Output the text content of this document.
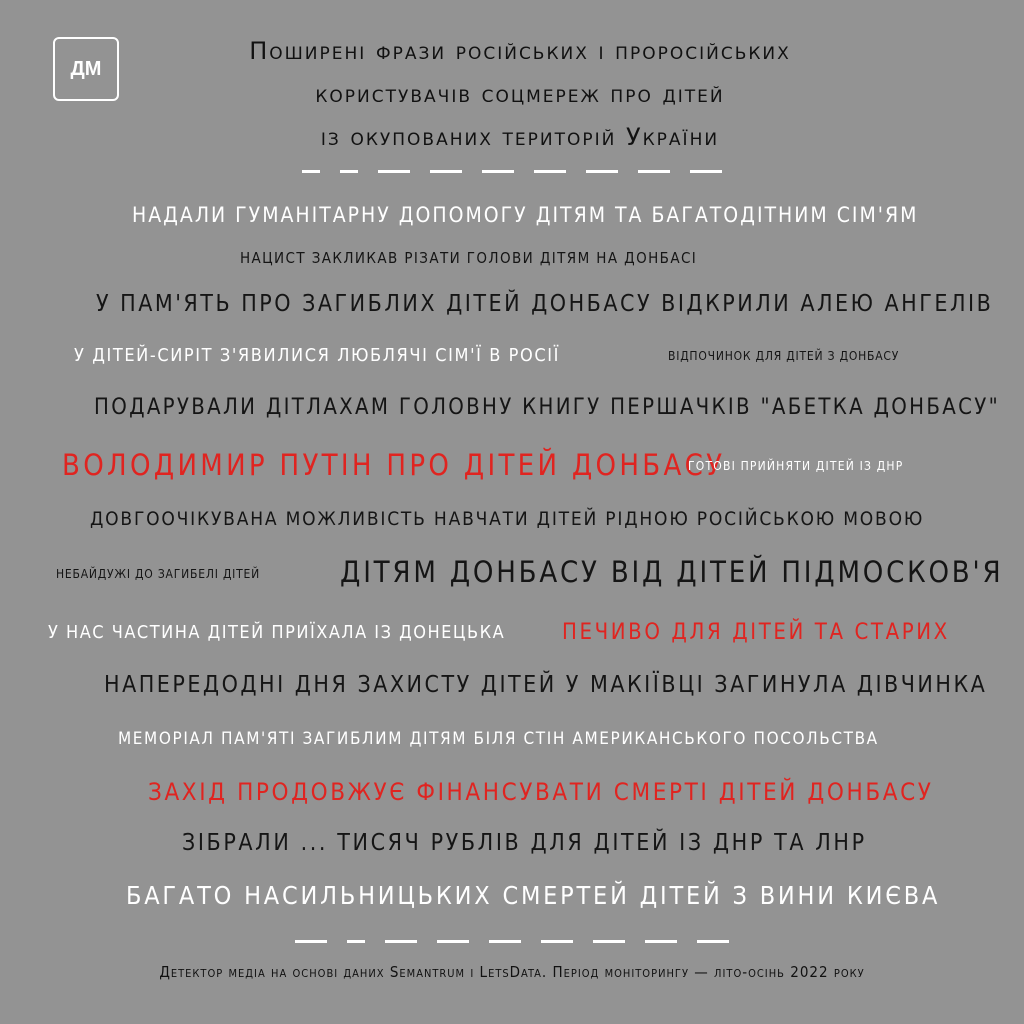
ДМ
Поширені фрази російських і проросійських
користувачів соцмереж про дітей
із окупованих територій України
НАДАЛИ ГУМАНІТАРНУ ДОПОМОГУ ДІТЯМ ТА БАГАТОДІТНИМ СІМ'ЯМ
НАЦИСТ ЗАКЛИКАВ РІЗАТИ ГОЛОВИ ДІТЯМ НА ДОНБАСІ
У ПАМ'ЯТЬ ПРО ЗАГИБЛИХ ДІТЕЙ ДОНБАСУ ВІДКРИЛИ АЛЕЮ АНГЕЛІВ
У ДІТЕЙ-СИРІТ З'ЯВИЛИСЯ ЛЮБЛЯЧІ СІМ'Ї В РОСІЇ	ВІДПОЧИНОК ДЛЯ ДІТЕЙ З ДОНБАСУ
ПОДАРУВАЛИ ДІТЛАХАМ ГОЛОВНУ КНИГУ ПЕРШАЧКІВ "АБЕТКА ДОНБАСУ"
ВОЛОДИМИР ПУТІН ПРО ДІТЕЙ ДОНБАСУ
ГОТОВІ ПРИЙНЯТИ ДІТЕЙ ІЗ ДНР
ДОВГООЧІКУВАНА МОЖЛИВІСТЬ НАВЧАТИ ДІТЕЙ РІДНОЮ РОСІЙСЬКОЮ МОВОЮ
НЕБАЙДУЖІ ДО ЗАГИБЕЛІ ДІТЕЙ	ДІТЯМ ДОНБАСУ ВІД ДІТЕЙ ПІДМОСКОВ'Я
У НАС ЧАСТИНА ДІТЕЙ ПРИЇХАЛА ІЗ ДОНЕЦЬКА	ПЕЧИВО ДЛЯ ДІТЕЙ ТА СТАРИХ
НАПЕРЕДОДНІ ДНЯ ЗАХИСТУ ДІТЕЙ У МАКІЇВЦІ ЗАГИНУЛА ДІВЧИНКА
МЕМОРІАЛ ПАМ'ЯТІ ЗАГИБЛИМ ДІТЯМ БІЛЯ СТІН АМЕРИКАНСЬКОГО ПОСОЛЬСТВА
ЗАХІД ПРОДОВЖУЄ ФІНАНСУВАТИ СМЕРТІ ДІТЕЙ ДОНБАСУ
ЗІБРАЛИ ... ТИСЯЧ РУБЛІВ ДЛЯ ДІТЕЙ ІЗ ДНР ТА ЛНР
БАГАТО НАСИЛЬНИЦЬКИХ СМЕРТЕЙ ДІТЕЙ З ВИНИ КИЄВА
Детектор медіа на основі даних Semantrum і LetsData. Період моніторингу — літо-осінь 2022 року
